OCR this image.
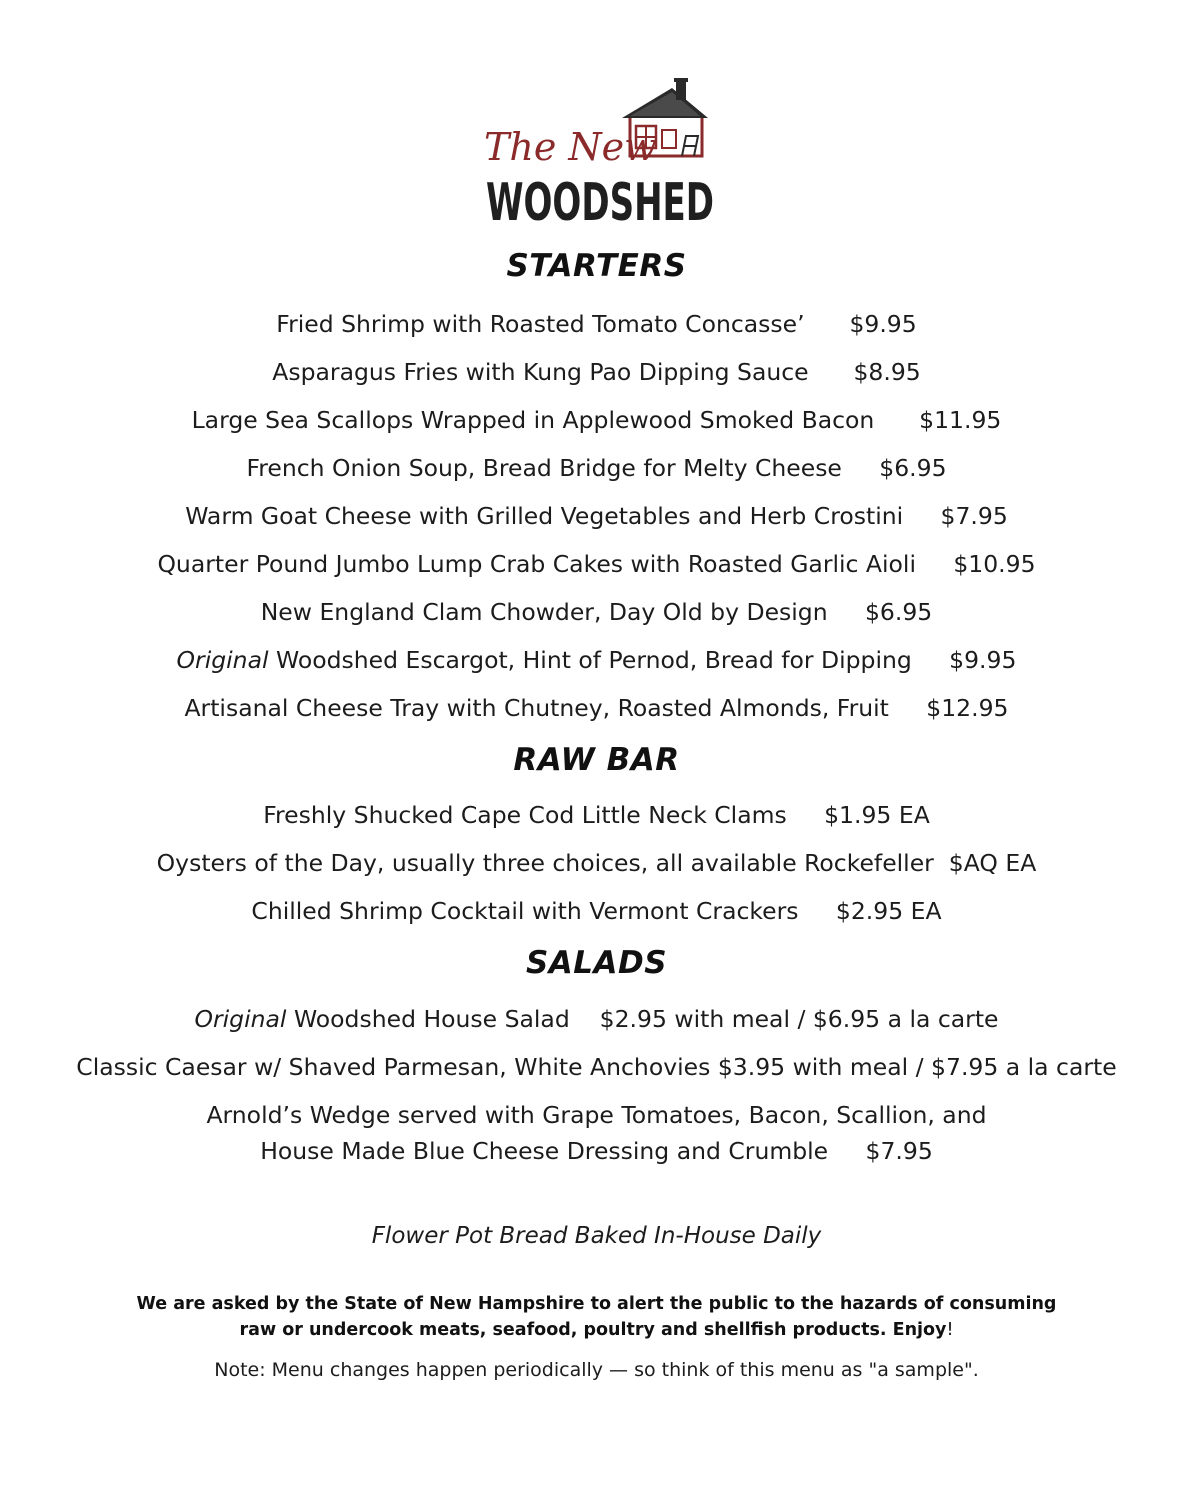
The New
WOODSHED
STARTERS
Fried Shrimp with Roasted Tomato Concasse’ $9.95
Asparagus Fries with Kung Pao Dipping Sauce $8.95
Large Sea Scallops Wrapped in Applewood Smoked Bacon $11.95
French Onion Soup, Bread Bridge for Melty Cheese $6.95
Warm Goat Cheese with Grilled Vegetables and Herb Crostini $7.95
Quarter Pound Jumbo Lump Crab Cakes with Roasted Garlic Aioli $10.95
New England Clam Chowder, Day Old by Design $6.95
Original Woodshed Escargot, Hint of Pernod, Bread for Dipping $9.95
Artisanal Cheese Tray with Chutney, Roasted Almonds, Fruit $12.95
RAW BAR
Freshly Shucked Cape Cod Little Neck Clams $1.95 EA
Oysters of the Day, usually three choices, all available Rockefeller $AQ EA
Chilled Shrimp Cocktail with Vermont Crackers $2.95 EA
SALADS
Original Woodshed House Salad $2.95 with meal / $6.95 a la carte
Classic Caesar w/ Shaved Parmesan, White Anchovies $3.95 with meal / $7.95 a la carte
Arnold’s Wedge served with Grape Tomatoes, Bacon, Scallion, and
House Made Blue Cheese Dressing and Crumble $7.95
Flower Pot Bread Baked In-House Daily
We are asked by the State of New Hampshire to alert the public to the hazards of consuming
raw or undercook meats, seafood, poultry and shellfish products. Enjoy!
Note: Menu changes happen periodically — so think of this menu as "a sample".
